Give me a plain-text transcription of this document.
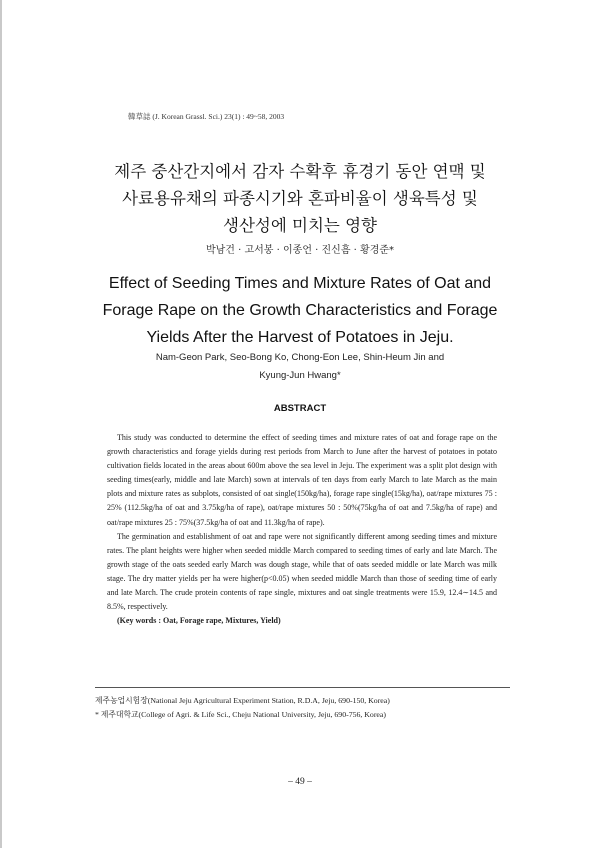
韓草誌 (J. Korean Grassl. Sci.) 23(1) : 49~58, 2003
제주 중산간지에서 감자 수확후 휴경기 동안 연맥 및
사료용유채의 파종시기와 혼파비율이 생육특성 및
생산성에 미치는 영향
박남건 · 고서봉 · 이종언 · 진신흠 · 황경준*
Effect of Seeding Times and Mixture Rates of Oat and
Forage Rape on the Growth Characteristics and Forage
Yields After the Harvest of Potatoes in Jeju.
Nam-Geon Park, Seo-Bong Ko, Chong-Eon Lee, Shin-Heum Jin and
Kyung-Jun Hwang*
ABSTRACT

This study was conducted to determine the effect of seeding times and mixture rates of oat and forage rape on the growth characteristics and forage yields during rest periods from March to June after the harvest of potatoes in potato cultivation fields located in the areas about 600m above the sea level in Jeju. The experiment was a split plot design with seeding times(early, middle and late March) sown at intervals of ten days from early March to late March as the main plots and mixture rates as subplots, consisted of oat single(150kg/ha), forage rape single(15kg/ha), oat/rape mixtures 75 : 25% (112.5kg/ha of oat and 3.75kg/ha of rape), oat/rape mixtures 50 : 50%(75kg/ha of oat and 7.5kg/ha of rape) and oat/rape mixtures 25 : 75%(37.5kg/ha of oat and 11.3kg/ha of rape).

The germination and establishment of oat and rape were not significantly different among seeding times and mixture rates. The plant heights were higher when seeded middle March compared to seeding times of early and late March. The growth stage of the oats seeded early March was dough stage, while that of oats seeded middle or late March was milk stage. The dry matter yields per ha were higher(p<0.05) when seeded middle March than those of seeding time of early and late March. The crude protein contents of rape single, mixtures and oat single treatments were 15.9, 12.4∼14.5 and 8.5%, respectively.

(Key words : Oat, Forage rape, Mixtures, Yield)

제주농업시험장(National Jeju Agricultural Experiment Station, R.D.A, Jeju, 690-150, Korea)
* 제주대학교(College of Agri. & Life Sci., Cheju National University, Jeju, 690-756, Korea)
– 49 –
